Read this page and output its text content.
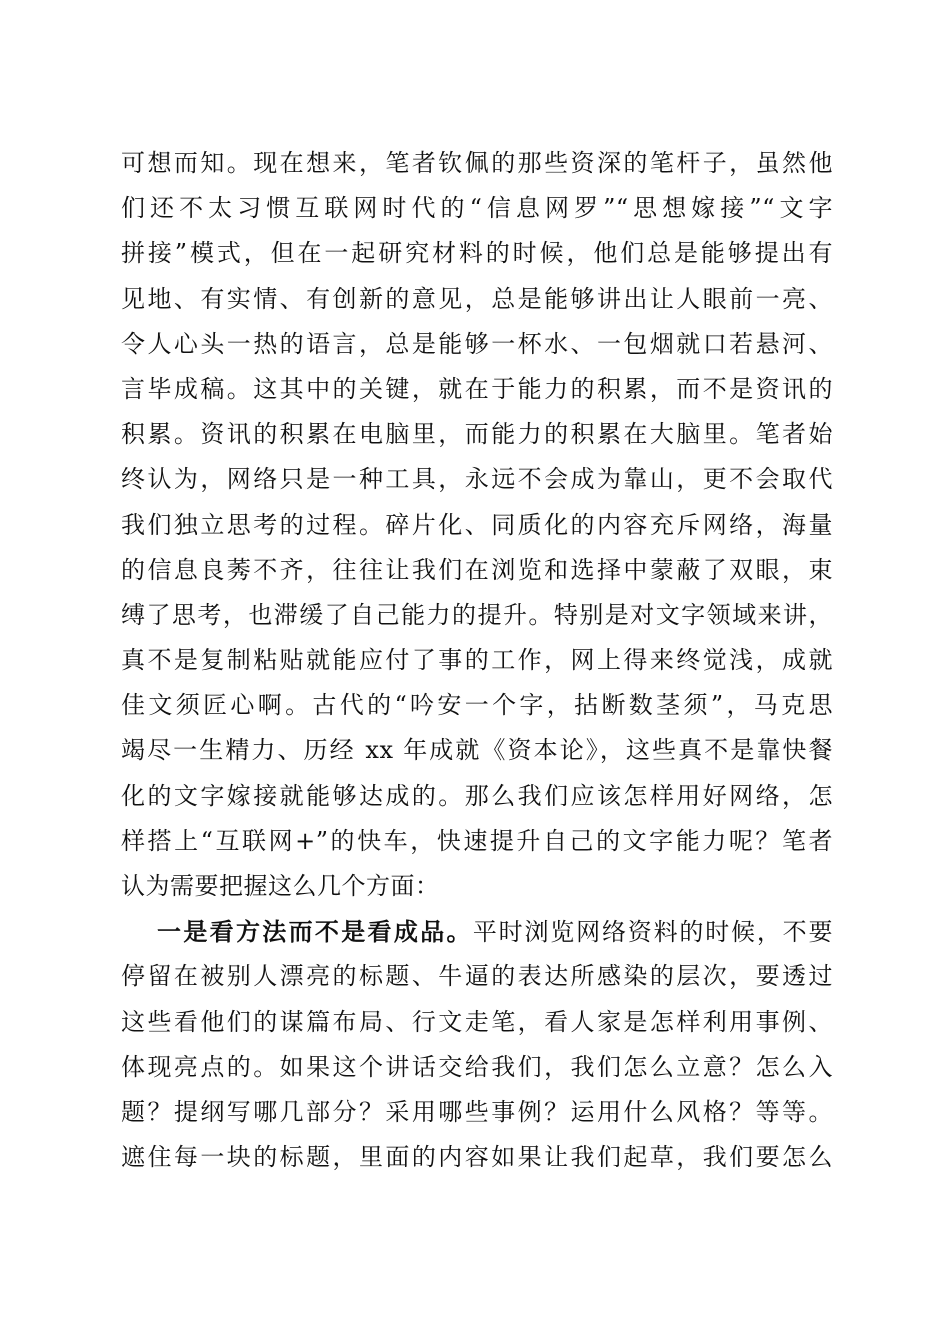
可想而知。现在想来，笔者钦佩的那些资深的笔杆子，虽然他
们还不太习惯互联网时代的“信息网罗”“思想嫁接”“文字
拼接”模式，但在一起研究材料的时候，他们总是能够提出有
见地、有实情、有创新的意见，总是能够讲出让人眼前一亮、
令人心头一热的语言，总是能够一杯水、一包烟就口若悬河、
言毕成稿。这其中的关键，就在于能力的积累，而不是资讯的
积累。资讯的积累在电脑里，而能力的积累在大脑里。笔者始
终认为，网络只是一种工具，永远不会成为靠山，更不会取代
我们独立思考的过程。碎片化、同质化的内容充斥网络，海量
的信息良莠不齐，往往让我们在浏览和选择中蒙蔽了双眼，束
缚了思考，也滞缓了自己能力的提升。特别是对文字领域来讲，
真不是复制粘贴就能应付了事的工作，网上得来终觉浅，成就
佳文须匠心啊。古代的“吟安一个字，拈断数茎须”，马克思
竭尽一生精力、历经 xx 年成就《资本论》，这些真不是靠快餐
化的文字嫁接就能够达成的。那么我们应该怎样用好网络，怎
样搭上“互联网+”的快车，快速提升自己的文字能力呢？笔者
认为需要把握这么几个方面：
一是看方法而不是看成品。平时浏览网络资料的时候，不要
停留在被别人漂亮的标题、牛逼的表达所感染的层次，要透过
这些看他们的谋篇布局、行文走笔，看人家是怎样利用事例、
体现亮点的。如果这个讲话交给我们，我们怎么立意？怎么入
题？提纲写哪几部分？采用哪些事例？运用什么风格？等等。
遮住每一块的标题，里面的内容如果让我们起草，我们要怎么
